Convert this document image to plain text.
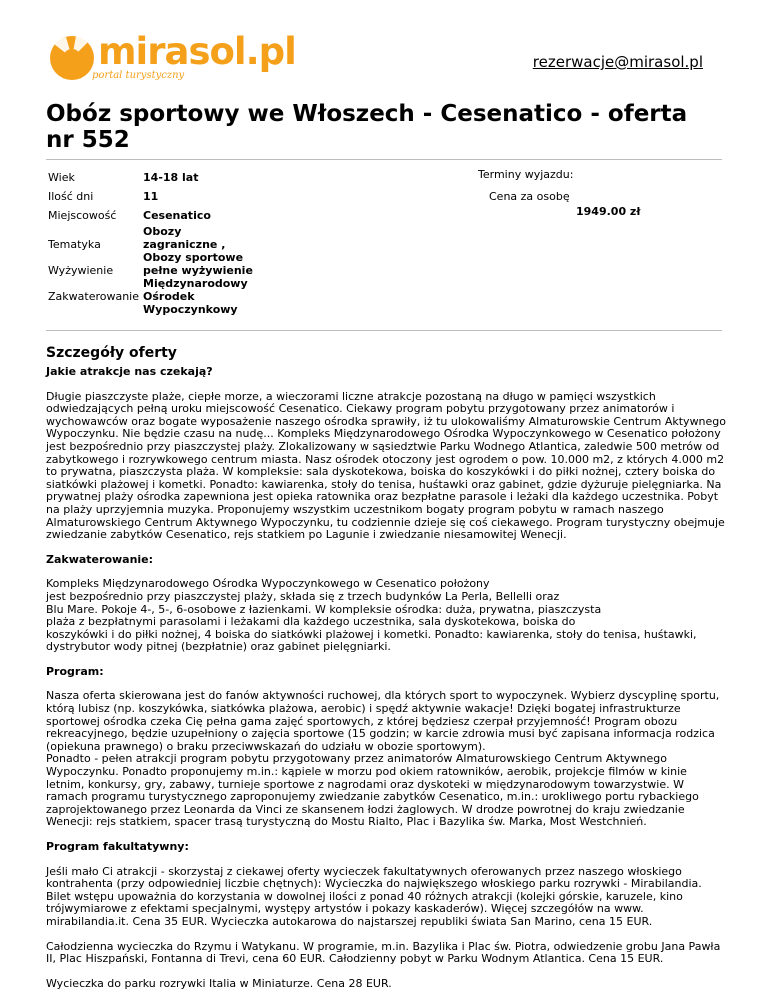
mirasol.pl
portal turystyczny
rezerwacje@mirasol.pl
Obóz sportowy we Włoszech - Cesenatico - oferta nr 552
Wiek	14-18 lat
Ilość dni	11
Miejscowość	Cesenatico
Tematyka	Obozy zagraniczne , Obozy sportowe
Wyżywienie	pełne wyżywienie
Zakwaterowanie	Międzynarodowy Ośrodek Wypoczynkowy
Terminy wyjazdu:
Cena za osobę
1949.00 zł
Szczegóły oferty
Jakie atrakcje nas czekają?

Długie piaszczyste plaże, ciepłe morze, a wieczorami liczne atrakcje pozostaną na długo w pamięci wszystkich odwiedzających pełną uroku miejscowość Cesenatico. Ciekawy program pobytu przygotowany przez animatorów i wychowawców oraz bogate wyposażenie naszego ośrodka sprawiły, iż tu ulokowaliśmy Almaturowskie Centrum Aktywnego Wypoczynku. Nie będzie czasu na nudę... Kompleks Międzynarodowego Ośrodka Wypoczynkowego w Cesenatico położony jest bezpośrednio przy piaszczystej plaży. Zlokalizowany w sąsiedztwie Parku Wodnego Atlantica, zaledwie 500 metrów od zabytkowego i rozrywkowego centrum miasta. Nasz ośrodek otoczony jest ogrodem o pow. 10.000 m2, z których 4.000 m2 to prywatna, piaszczysta plaża. W kompleksie: sala dyskotekowa, boiska do koszykówki i do piłki nożnej, cztery boiska do siatkówki plażowej i kometki. Ponadto: kawiarenka, stoły do tenisa, huśtawki oraz gabinet, gdzie dyżuruje pielęgniarka. Na prywatnej plaży ośrodka zapewniona jest opieka ratownika oraz bezpłatne parasole i leżaki dla każdego uczestnika. Pobyt na plaży uprzyjemnia muzyka. Proponujemy wszystkim uczestnikom bogaty program pobytu w ramach naszego Almaturowskiego Centrum Aktywnego Wypoczynku, tu codziennie dzieje się coś ciekawego. Program turystyczny obejmuje zwiedzanie zabytków Cesenatico, rejs statkiem po Lagunie i zwiedzanie niesamowitej Wenecji.

Zakwaterowanie:

Kompleks Międzynarodowego Ośrodka Wypoczynkowego w Cesenatico położony
jest bezpośrednio przy piaszczystej plaży, składa się z trzech budynków La Perla, Bellelli oraz
Blu Mare. Pokoje 4-, 5-, 6-osobowe z łazienkami. W kompleksie ośrodka: duża, prywatna, piaszczysta
plaża z bezpłatnymi parasolami i leżakami dla każdego uczestnika, sala dyskotekowa, boiska do
koszykówki i do piłki nożnej, 4 boiska do siatkówki plażowej i kometki. Ponadto: kawiarenka, stoły do tenisa, huśtawki,
dystrybutor wody pitnej (bezpłatnie) oraz gabinet pielęgniarki.

Program:

Nasza oferta skierowana jest do fanów aktywności ruchowej, dla których sport to wypoczynek. Wybierz dyscyplinę sportu, którą lubisz (np. koszykówka, siatkówka plażowa, aerobic) i spędź aktywnie wakacje! Dzięki bogatej infrastrukturze sportowej ośrodka czeka Cię pełna gama zajęć sportowych, z której będziesz czerpał przyjemność! Program obozu rekreacyjnego, będzie uzupełniony o zajęcia sportowe (15 godzin; w karcie zdrowia musi być zapisana informacja rodzica (opiekuna prawnego) o braku przeciwwskazań do udziału w obozie sportowym).
Ponadto - pełen atrakcji program pobytu przygotowany przez animatorów Almaturowskiego Centrum Aktywnego Wypoczynku. Ponadto proponujemy m.in.: kąpiele w morzu pod okiem ratowników, aerobik, projekcje filmów w kinie letnim, konkursy, gry, zabawy, turnieje sportowe z nagrodami oraz dyskoteki w międzynarodowym towarzystwie. W ramach programu turystycznego zaproponujemy zwiedzanie zabytków Cesenatico, m.in.: urokliwego portu rybackiego zaprojektowanego przez Leonarda da Vinci ze skansenem łodzi żaglowych. W drodze powrotnej do kraju zwiedzanie Wenecji: rejs statkiem, spacer trasą turystyczną do Mostu Rialto, Plac i Bazylika św. Marka, Most Westchnień.

Program fakultatywny:

Jeśli mało Ci atrakcji - skorzystaj z ciekawej oferty wycieczek fakultatywnych oferowanych przez naszego włoskiego kontrahenta (przy odpowiedniej liczbie chętnych): Wycieczka do największego włoskiego parku rozrywki - Mirabilandia. Bilet wstępu upoważnia do korzystania w dowolnej ilości z ponad 40 różnych atrakcji (kolejki górskie, karuzele, kino trójwymiarowe z efektami specjalnymi, występy artystów i pokazy kaskaderów). Więcej szczegółów na www. mirabilandia.it. Cena 35 EUR. Wycieczka autokarowa do najstarszej republiki świata San Marino, cena 15 EUR.

Całodzienna wycieczka do Rzymu i Watykanu. W programie, m.in. Bazylika i Plac św. Piotra, odwiedzenie grobu Jana Pawła II, Plac Hiszpański, Fontanna di Trevi, cena 60 EUR. Całodzienny pobyt w Parku Wodnym Atlantica. Cena 15 EUR.

Wycieczka do parku rozrywki Italia w Miniaturze. Cena 28 EUR.
